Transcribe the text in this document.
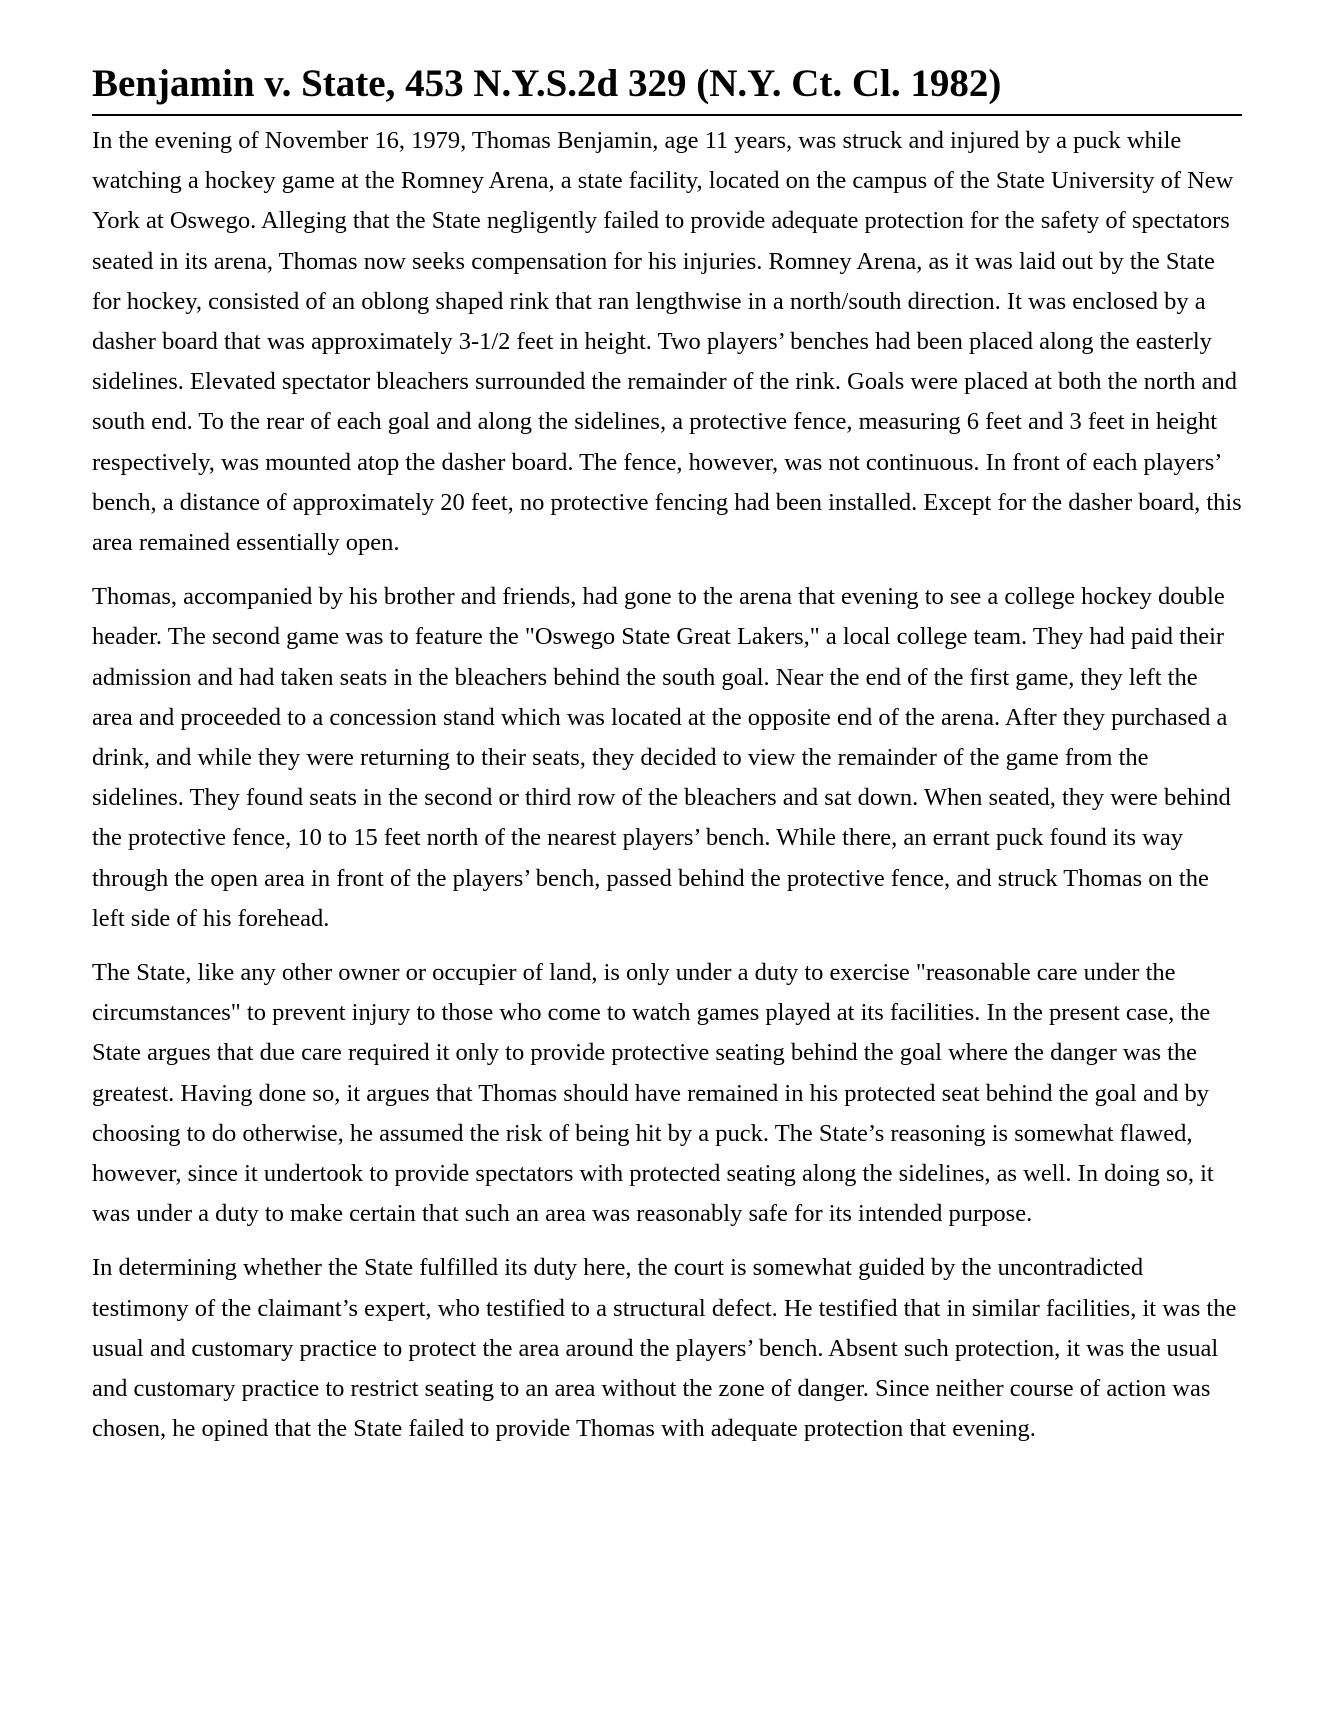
Benjamin v. State, 453 N.Y.S.2d 329 (N.Y. Ct. Cl. 1982)

In the evening of November 16, 1979, Thomas Benjamin, age 11 years, was struck and injured by a puck while watching a hockey game at the Romney Arena, a state facility, located on the campus of the State University of New York at Oswego. Alleging that the State negligently failed to provide adequate protection for the safety of spectators seated in its arena, Thomas now seeks compensation for his injuries. Romney Arena, as it was laid out by the State for hockey, consisted of an oblong shaped rink that ran lengthwise in a north/south direction. It was enclosed by a dasher board that was approximately 3-1/2 feet in height. Two players’ benches had been placed along the easterly sidelines. Elevated spectator bleachers surrounded the remainder of the rink. Goals were placed at both the north and south end. To the rear of each goal and along the sidelines, a protective fence, measuring 6 feet and 3 feet in height respectively, was mounted atop the dasher board. The fence, however, was not continuous. In front of each players’ bench, a distance of approximately 20 feet, no protective fencing had been installed. Except for the dasher board, this area remained essentially open.

Thomas, accompanied by his brother and friends, had gone to the arena that evening to see a college hockey double header. The second game was to feature the "Oswego State Great Lakers," a local college team. They had paid their admission and had taken seats in the bleachers behind the south goal. Near the end of the first game, they left the area and proceeded to a concession stand which was located at the opposite end of the arena. After they purchased a drink, and while they were returning to their seats, they decided to view the remainder of the game from the sidelines. They found seats in the second or third row of the bleachers and sat down. When seated, they were behind the protective fence, 10 to 15 feet north of the nearest players’ bench. While there, an errant puck found its way through the open area in front of the players’ bench, passed behind the protective fence, and struck Thomas on the left side of his forehead.

The State, like any other owner or occupier of land, is only under a duty to exercise "reasonable care under the circumstances" to prevent injury to those who come to watch games played at its facilities. In the present case, the State argues that due care required it only to provide protective seating behind the goal where the danger was the greatest. Having done so, it argues that Thomas should have remained in his protected seat behind the goal and by choosing to do otherwise, he assumed the risk of being hit by a puck. The State’s reasoning is somewhat flawed, however, since it undertook to provide spectators with protected seating along the sidelines, as well. In doing so, it was under a duty to make certain that such an area was reasonably safe for its intended purpose.

In determining whether the State fulfilled its duty here, the court is somewhat guided by the uncontradicted testimony of the claimant’s expert, who testified to a structural defect. He testified that in similar facilities, it was the usual and customary practice to protect the area around the players’ bench. Absent such protection, it was the usual and customary practice to restrict seating to an area without the zone of danger. Since neither course of action was chosen, he opined that the State failed to provide Thomas with adequate protection that evening.
